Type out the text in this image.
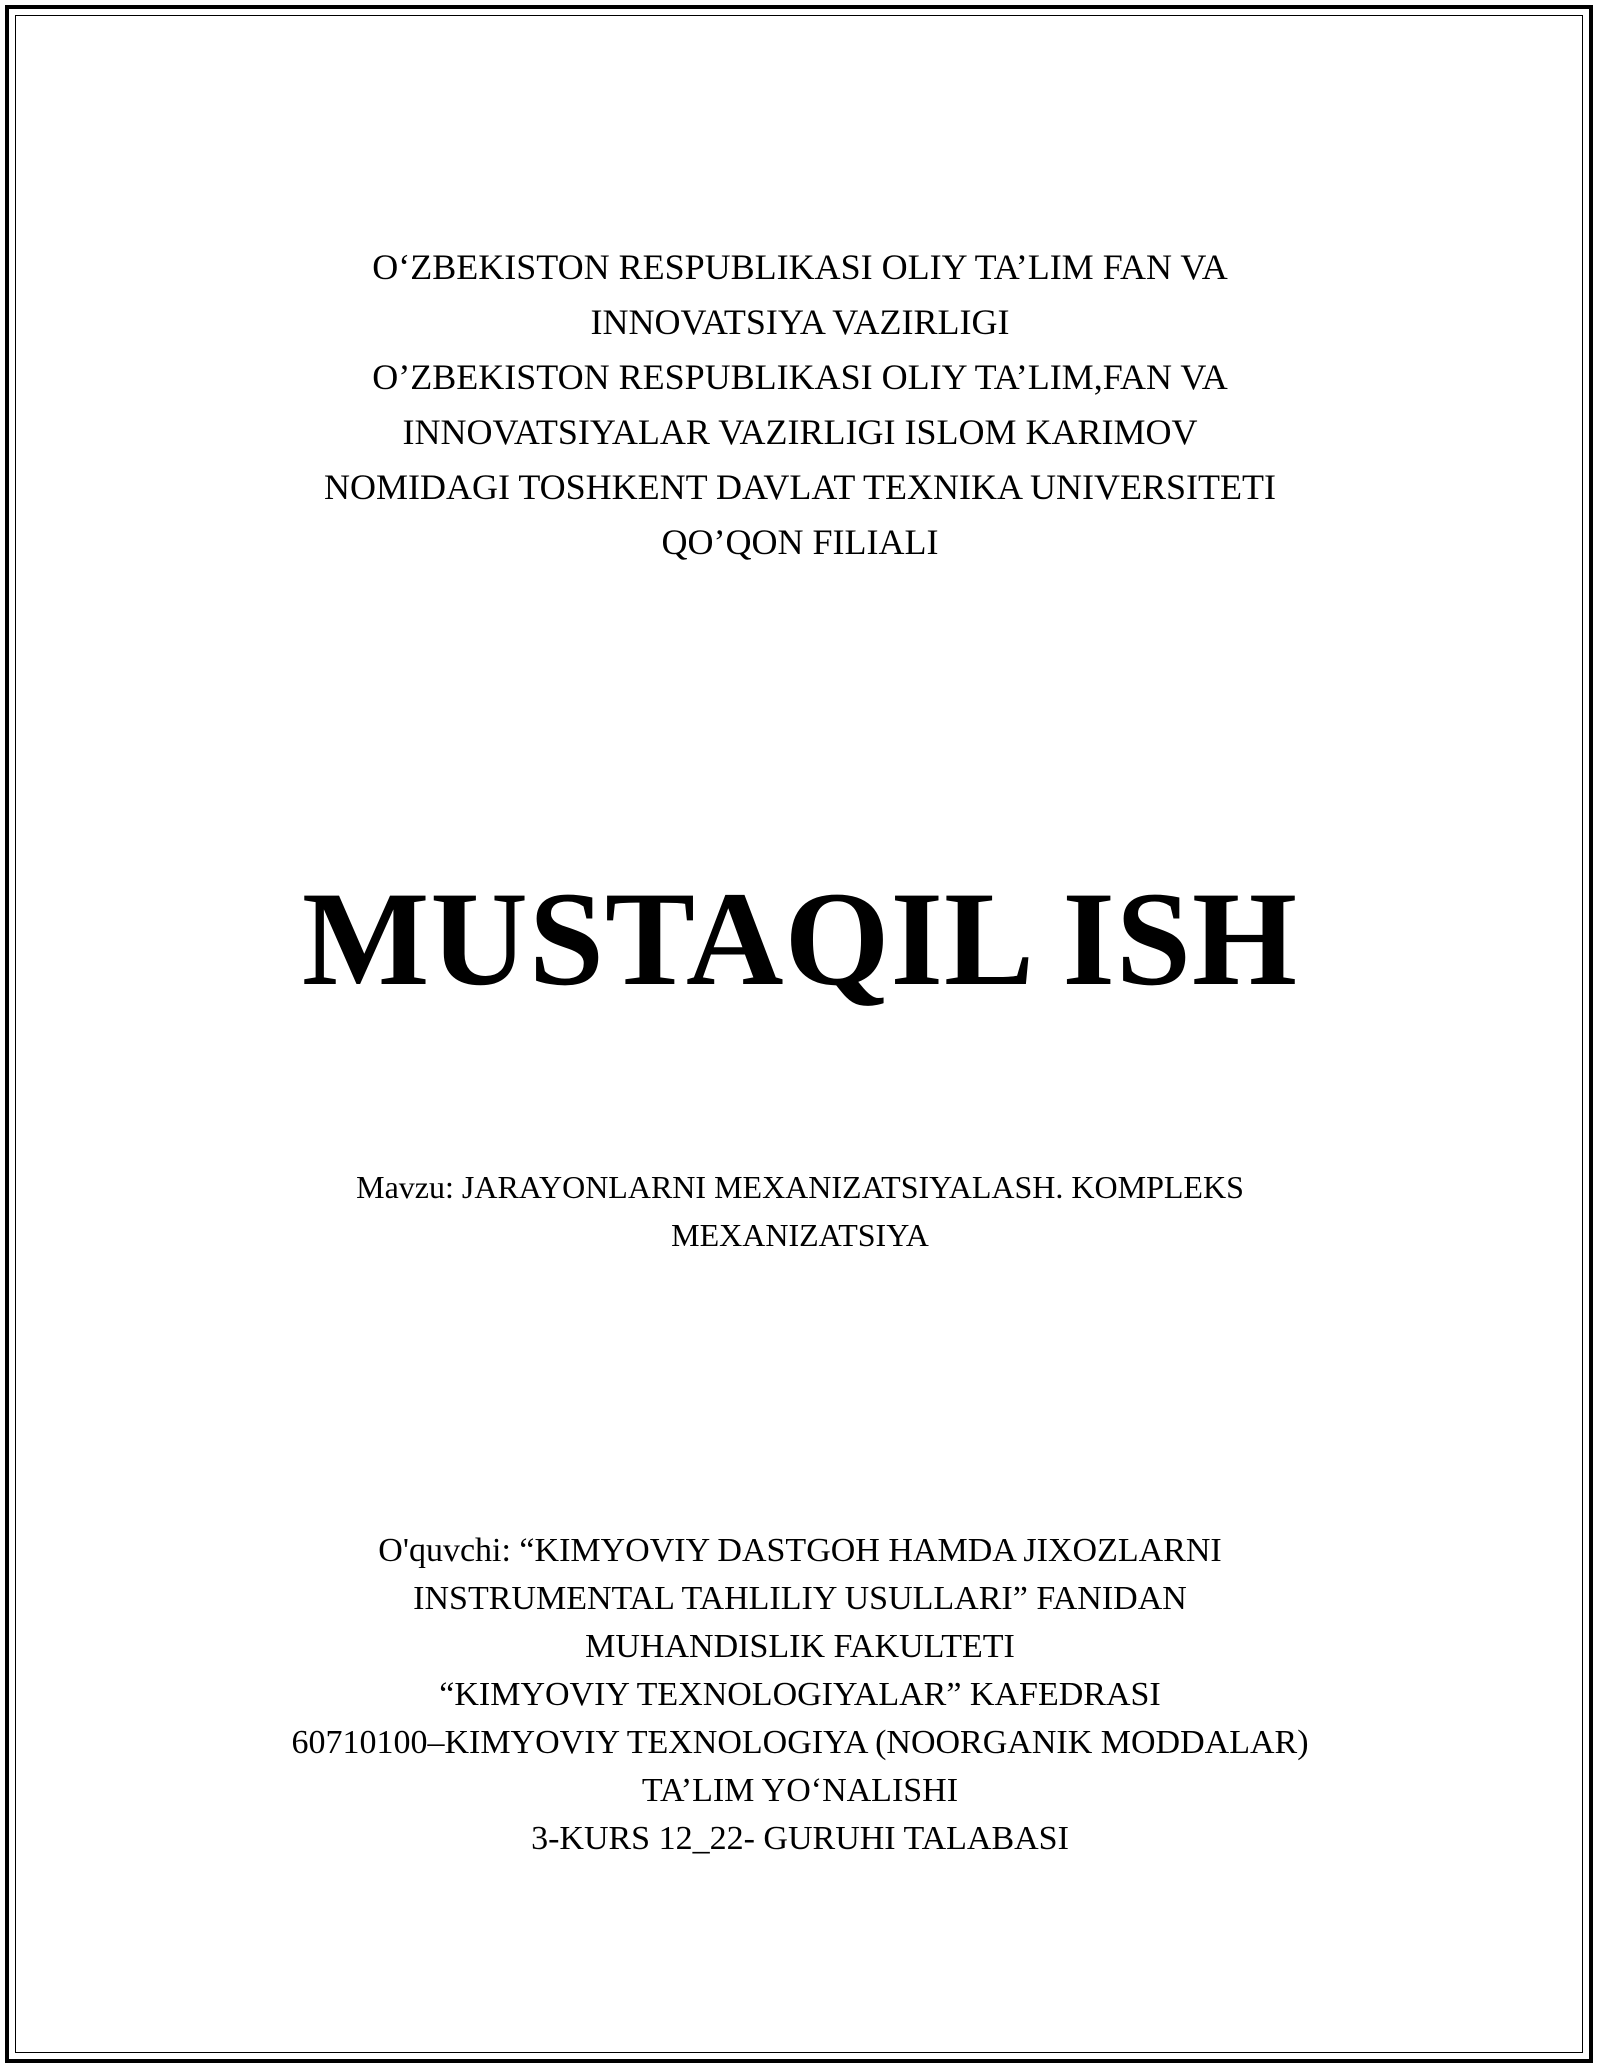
O‘ZBEKISTON RESPUBLIKASI OLIY TA’LIM FAN VA
INNOVATSIYA VAZIRLIGI
O’ZBEKISTON RESPUBLIKASI OLIY TA’LIM,FAN VA
INNOVATSIYALAR VAZIRLIGI ISLOM KARIMOV
NOMIDAGI TOSHKENT DAVLAT TEXNIKA UNIVERSITETI
QO’QON FILIALI
MUSTAQIL ISH
Mavzu: JARAYONLARNI MEXANIZATSIYALASH. KOMPLEKS
MEXANIZATSIYA
O'quvchi: “KIMYOVIY DASTGOH HAMDA JIXOZLARNI
INSTRUMENTAL TAHLILIY USULLARI” FANIDAN
MUHANDISLIK FAKULTETI
“KIMYOVIY TEXNOLOGIYALAR” KAFEDRASI
60710100–KIMYOVIY TEXNOLOGIYA (NOORGANIK MODDALAR)
TA’LIM YO‘NALISHI
3-KURS 12_22- GURUHI TALABASI
